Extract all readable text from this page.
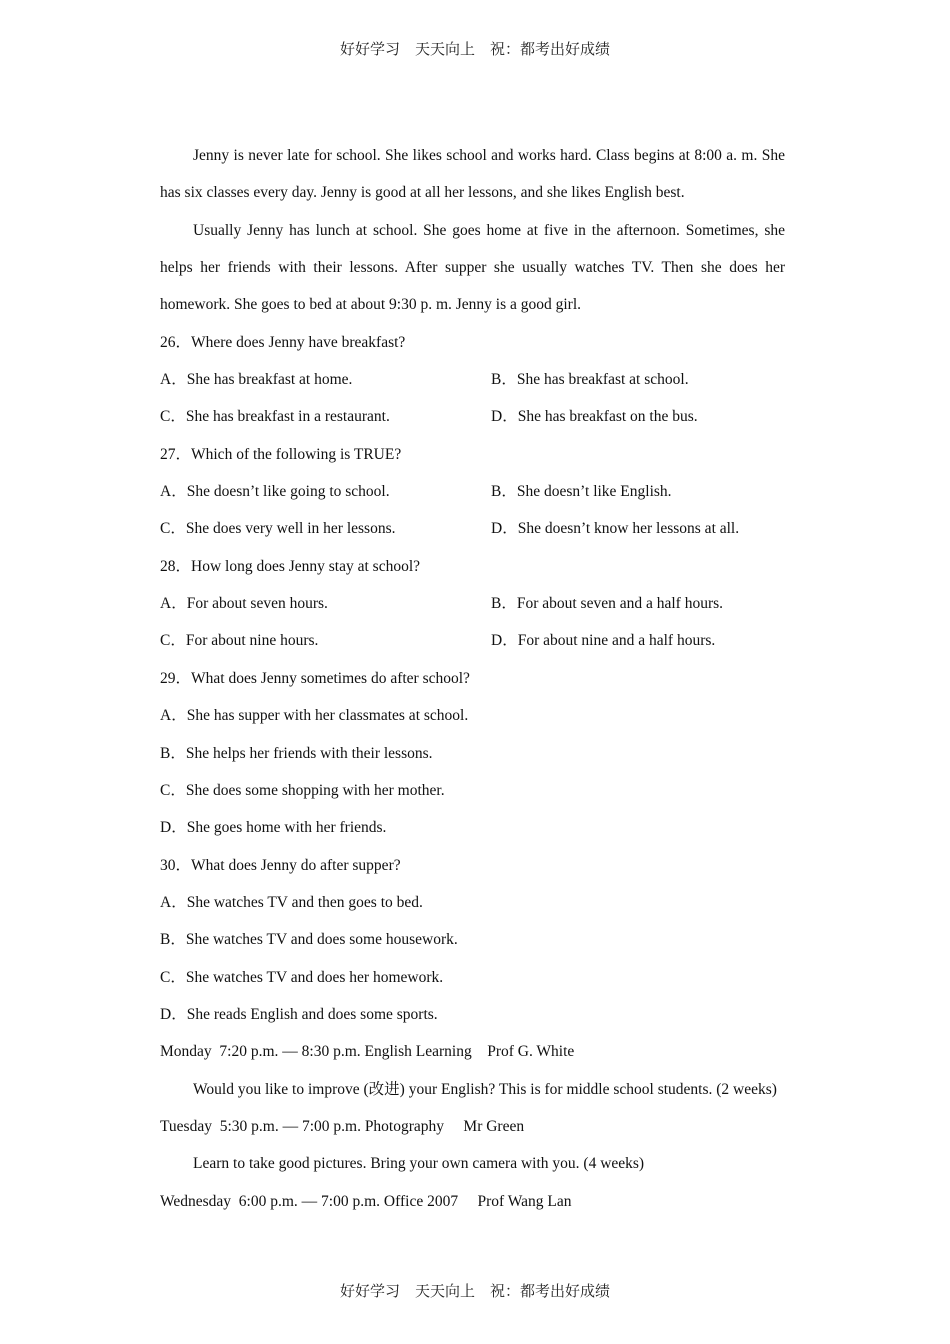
好好学习　天天向上　祝：都考出好成绩
Jenny is never late for school. She likes school and works hard. Class begins at 8:00 a. m. She has six classes every day. Jenny is good at all her lessons, and she likes English best.
Usually Jenny has lunch at school. She goes home at five in the afternoon. Sometimes, she helps her friends with their lessons. After supper she usually watches TV. Then she does her homework. She goes to bed at about 9:30 p. m. Jenny is a good girl.
26．Where does Jenny have breakfast?
A．She has breakfast at home.	B．She has breakfast at school.
C．She has breakfast in a restaurant.	D．She has breakfast on the bus.
27．Which of the following is TRUE?
A．She doesn’t like going to school.	B．She doesn’t like English.
C．She does very well in her lessons.	D．She doesn’t know her lessons at all.
28．How long does Jenny stay at school?
A．For about seven hours.	B．For about seven and a half hours.
C．For about nine hours.	D．For about nine and a half hours.
29．What does Jenny sometimes do after school?
A．She has supper with her classmates at school.
B．She helps her friends with their lessons.
C．She does some shopping with her mother.
D．She goes home with her friends.
30．What does Jenny do after supper?
A．She watches TV and then goes to bed.
B．She watches TV and does some housework.
C．She watches TV and does her homework.
D．She reads English and does some sports.
Monday  7:20 p.m. — 8:30 p.m. English Learning    Prof G. White
Would you like to improve (改进) your English? This is for middle school students. (2 weeks)
Tuesday  5:30 p.m. — 7:00 p.m. Photography     Mr Green
Learn to take good pictures. Bring your own camera with you. (4 weeks)
Wednesday  6:00 p.m. — 7:00 p.m. Office 2007     Prof Wang Lan
好好学习　天天向上　祝：都考出好成绩
